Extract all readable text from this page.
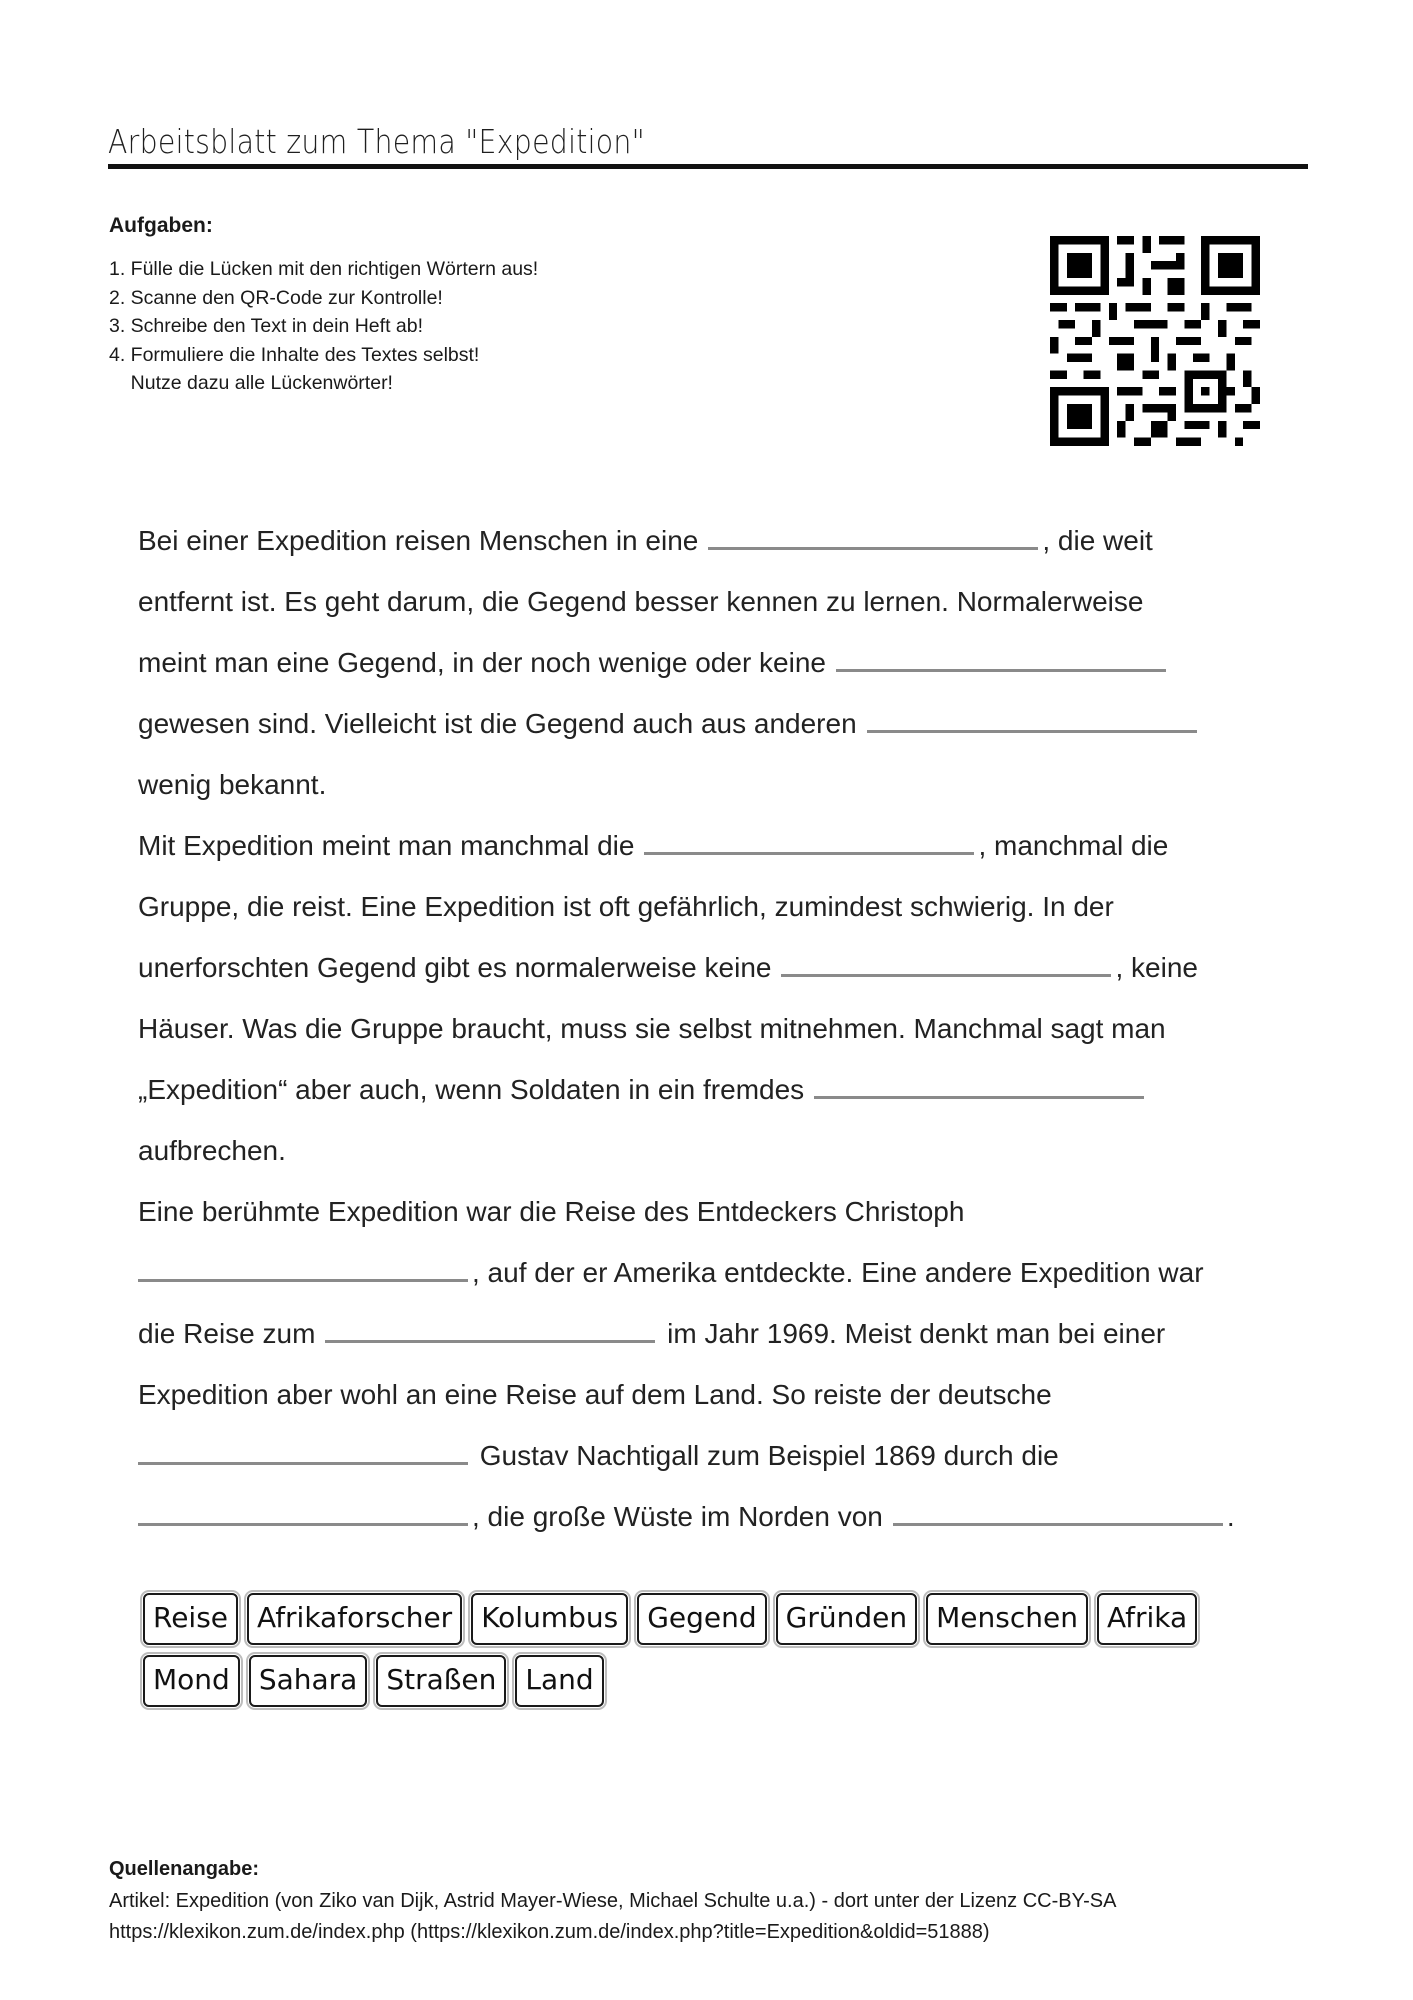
Arbeitsblatt zum Thema "Expedition"
Aufgaben:
1. Fülle die Lücken mit den richtigen Wörtern aus!
2. Scanne den QR-Code zur Kontrolle!
3. Schreibe den Text in dein Heft ab!
4. Formuliere die Inhalte des Textes selbst!
Nutze dazu alle Lückenwörter!
Bei einer Expedition reisen Menschen in eine	, die weit
entfernt ist. Es geht darum, die Gegend besser kennen zu lernen. Normalerweise
meint man eine Gegend, in der noch wenige oder keine
gewesen sind. Vielleicht ist die Gegend auch aus anderen
wenig bekannt.
Mit Expedition meint man manchmal die	, manchmal die
Gruppe, die reist. Eine Expedition ist oft gefährlich, zumindest schwierig. In der
unerforschten Gegend gibt es normalerweise keine	, keine
Häuser. Was die Gruppe braucht, muss sie selbst mitnehmen. Manchmal sagt man
„Expedition“ aber auch, wenn Soldaten in ein fremdes
aufbrechen.
Eine berühmte Expedition war die Reise des Entdeckers Christoph
, auf der er Amerika entdeckte. Eine andere Expedition war
die Reise zum	im Jahr 1969. Meist denkt man bei einer
Expedition aber wohl an eine Reise auf dem Land. So reiste der deutsche
Gustav Nachtigall zum Beispiel 1869 durch die
, die große Wüste im Norden von	.
Reise	Afrikaforscher	Kolumbus	Gegend	Gründen	Menschen	Afrika
Mond	Sahara	Straßen	Land
Quellenangabe:
Artikel: Expedition (von Ziko van Dijk, Astrid Mayer-Wiese, Michael Schulte u.a.) - dort unter der Lizenz CC-BY-SA
https://klexikon.zum.de/index.php (https://klexikon.zum.de/index.php?title=Expedition&oldid=51888)
